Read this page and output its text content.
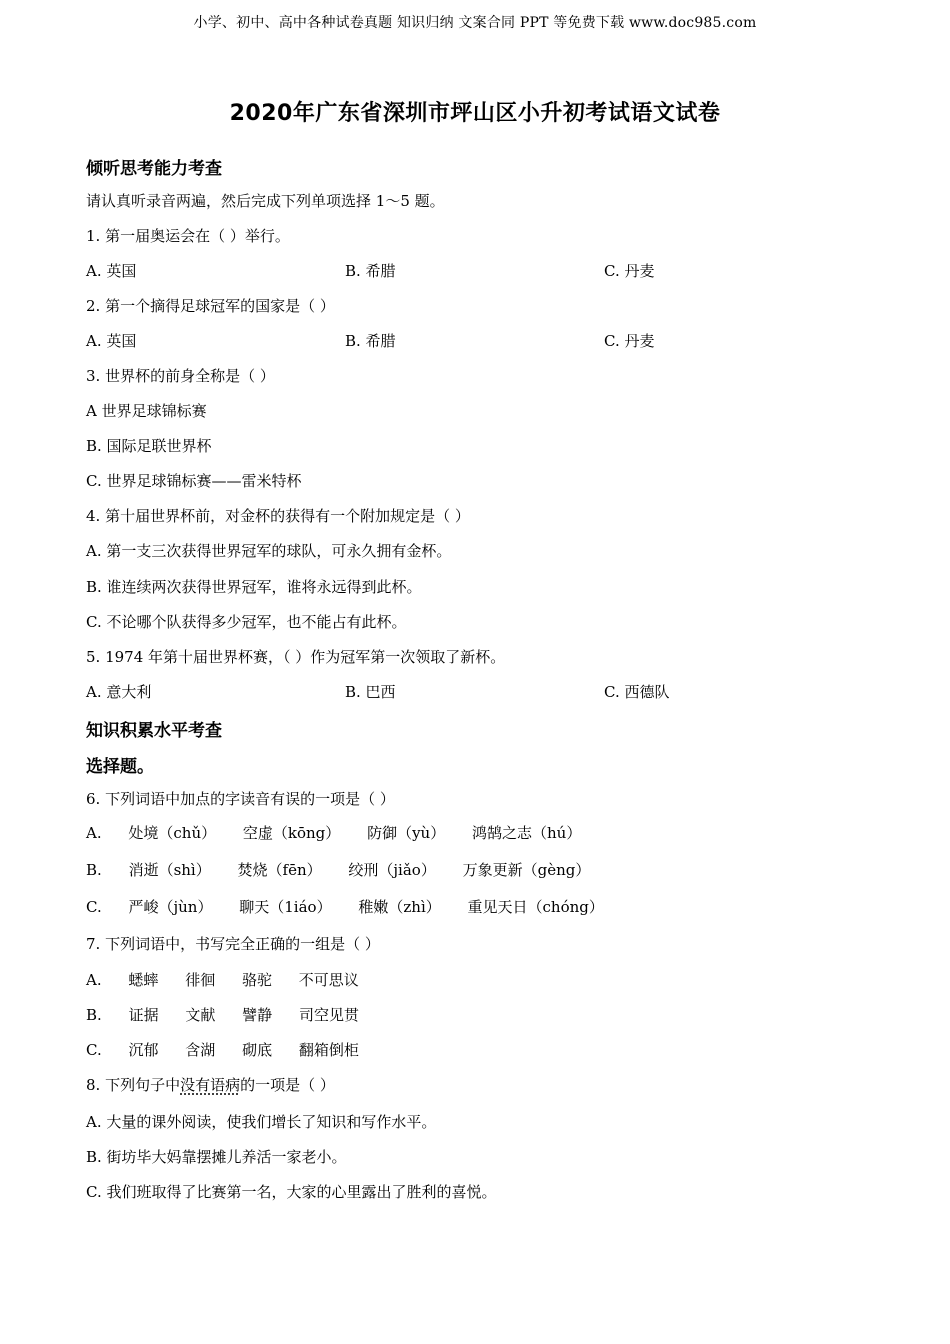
小学、初中、高中各种试卷真题 知识归纳 文案合同 PPT 等免费下载 www.doc985.com
2020年广东省深圳市坪山区小升初考试语文试卷
倾听思考能力考查
请认真听录音两遍，然后完成下列单项选择 1～5 题。
1. 第一届奥运会在（ ）举行。
A. 英国	B. 希腊	C. 丹麦
2. 第一个摘得足球冠军的国家是（ ）
A. 英国	B. 希腊	C. 丹麦
3. 世界杯的前身全称是（ ）
A 世界足球锦标赛
B. 国际足联世界杯
C. 世界足球锦标赛——雷米特杯
4. 第十届世界杯前，对金杯的获得有一个附加规定是（ ）
A. 第一支三次获得世界冠军的球队，可永久拥有金杯。
B. 谁连续两次获得世界冠军，谁将永远得到此杯。
C. 不论哪个队获得多少冠军，也不能占有此杯。
5. 1974 年第十届世界杯赛，（ ）作为冠军第一次领取了新杯。
A. 意大利	B. 巴西	C. 西德队
知识积累水平考查
选择题。
6. 下列词语中加点的字读音有误的一项是（ ）
A. 处境（chǔ） 空虚（kōng） 防御（yù） 鸿鹄之志（hú）
B. 消逝（shì） 焚烧（fēn） 绞刑（jiǎo） 万象更新（gèng）
C. 严峻（jùn） 聊天（1iáo） 稚嫩（zhì） 重见天日（chóng）
7. 下列词语中，书写完全正确的一组是（ ）
A. 蟋蟀 徘徊 骆驼 不可思议
B. 证据 文献 譬静 司空见贯
C. 沉郁 含湖 砌底 翻箱倒柜
8. 下列句子中没有语病的一项是（ ）
A. 大量的课外阅读，使我们增长了知识和写作水平。
B. 街坊毕大妈靠摆摊儿养活一家老小。
C. 我们班取得了比赛第一名，大家的心里露出了胜利的喜悦。
